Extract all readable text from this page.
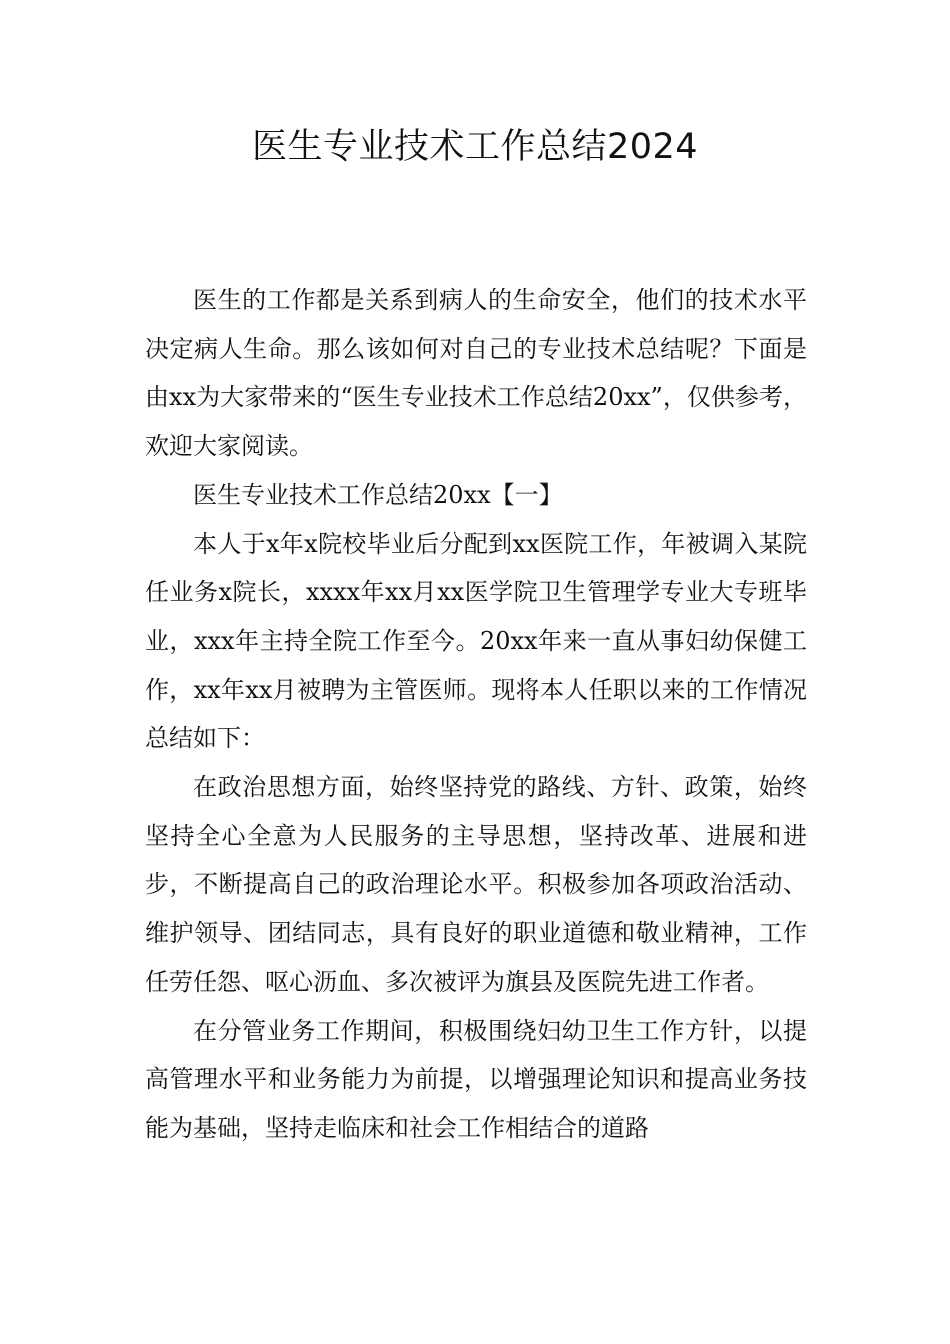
医生专业技术工作总结2024

医生的工作都是关系到病人的生命安全，他们的技术水平决定病人生命。那么该如何对自己的专业技术总结呢？下面是由xx为大家带来的“医生专业技术工作总结20xx”，仅供参考，欢迎大家阅读。

医生专业技术工作总结20xx【一】

本人于x年x院校毕业后分配到xx医院工作，年被调入某院任业务x院长，xxxx年xx月xx医学院卫生管理学专业大专班毕业，xxx年主持全院工作至今。20xx年来一直从事妇幼保健工作，xx年xx月被聘为主管医师。现将本人任职以来的工作情况总结如下：

在政治思想方面，始终坚持党的路线、方针、政策，始终坚持全心全意为人民服务的主导思想，坚持改革、进展和进步，不断提高自己的政治理论水平。积极参加各项政治活动、维护领导、团结同志，具有良好的职业道德和敬业精神，工作任劳任怨、呕心沥血、多次被评为旗县及医院先进工作者。

在分管业务工作期间，积极围绕妇幼卫生工作方针，以提高管理水平和业务能力为前提，以增强理论知识和提高业务技能为基础，坚持走临床和社会工作相结合的道路
